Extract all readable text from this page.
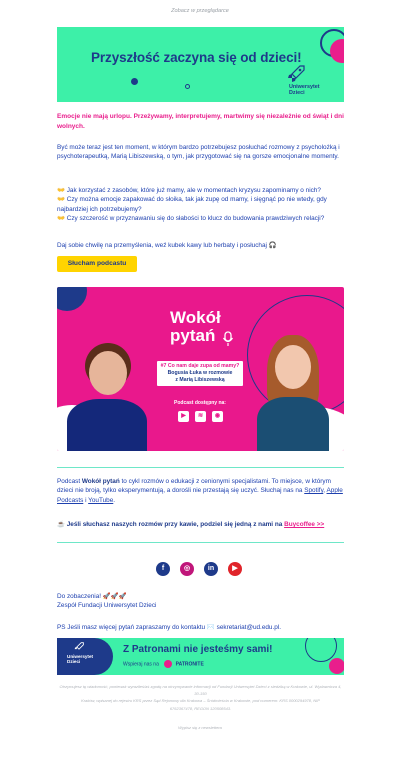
Zobacz w przeglądarce
Przyszłość zaczyna się od dzieci!
Uniwersytet
Dzieci
Emocje nie mają urlopu. Przeżywamy, interpretujemy, martwimy się niezależnie od świąt i dni wolnych.
Być może teraz jest ten moment, w którym bardzo potrzebujesz posłuchać rozmowy z psycholożką i psychoterapeutką, Marią Libiszewską, o tym, jak przygotować się na gorsze emocjonalne momenty.
👐 Jak korzystać z zasobów, które już mamy, ale w momentach kryzysu zapominamy o nich?
👐 Czy można emocje zapakować do słoika, tak jak zupę od mamy, i sięgnąć po nie wtedy, gdy najbardziej ich potrzebujemy?
👐 Czy szczerość w przyznawaniu się do słabości to klucz do budowania prawdziwych relacji?
Daj sobie chwilę na przemyślenia, weź kubek kawy lub herbaty i posłuchaj 🎧
Słucham podcastu
Wokół
pytań
#7 Co nam daje zupa od mamy?
Bogusia Łuka w rozmowie
z Marią Libiszewską
Podcast dostępny na:
▶	≋	◉
Podcast Wokół pytań to cykl rozmów o edukacji z cenionymi specjalistami. To miejsce, w którym dzieci nie broją, tylko eksperymentują, a dorośli nie przestają się uczyć. Słuchaj nas na Spotify, Apple Podcasts i YouTube.
☕ Jeśli słuchasz naszych rozmów przy kawie, podziel się jedną z nami na Buycoffee >>
f	◎	in	▶
Do zobaczenia! 🚀🚀🚀
Zespół Fundacji Uniwersytet Dzieci
PS Jeśli masz więcej pytań zapraszamy do kontaktu ✉️ sekretariat@ud.edu.pl.
Uniwersytet
Dzieci
Z Patronami nie jesteśmy sami!
Wspieraj nas na	PATRONITE
Otrzymujesz tę wiadomość, ponieważ wyraziłeś/aś zgodę na otrzymywanie informacji od Fundacji Uniwersytet Dzieci z siedzibą w Krakowie, ul. Wydawnicza 4, 30-150
Kraków, wpisanej do rejestru KRS przez Sąd Rejonowy dla Krakowa – Śródmieścia w Krakowie, pod numerem: KRS 0000294978, NIP
6762367478, REGON 120508543.
Wypisz się z newslettera
